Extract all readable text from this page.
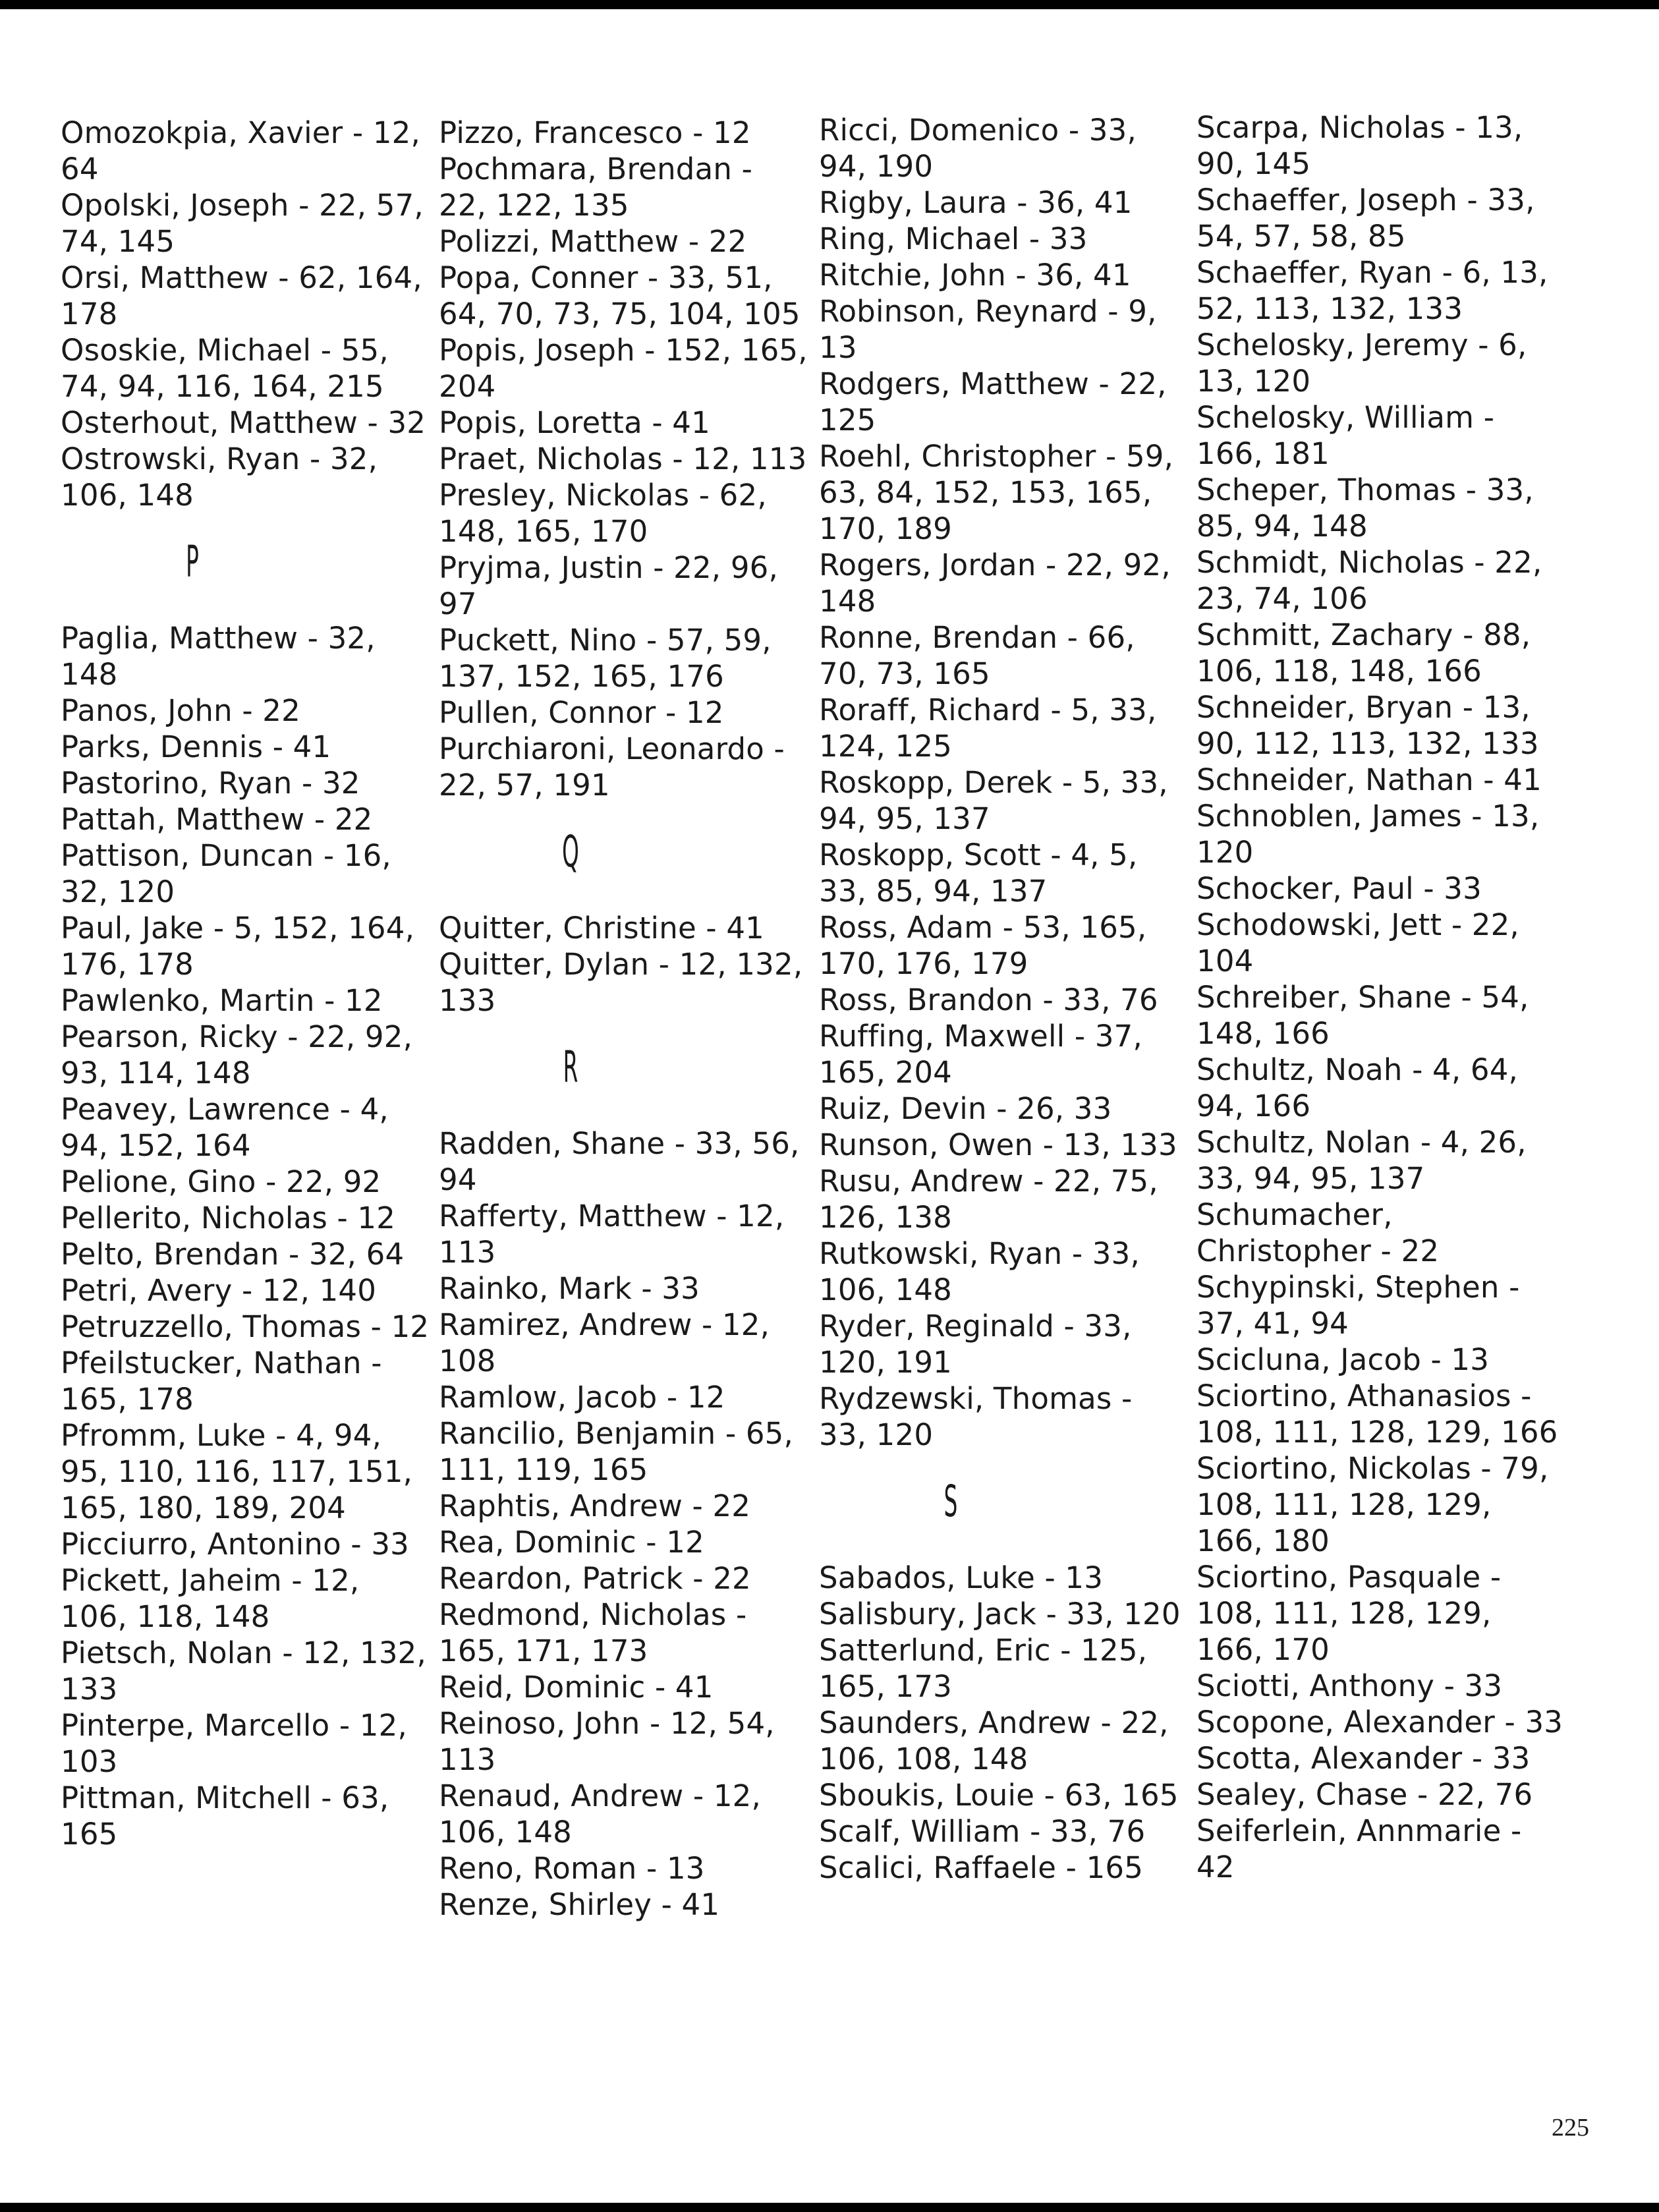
Omozokpia, Xavier - 12, 64
Opolski, Joseph - 22, 57, 74, 145
Orsi, Matthew - 62, 164, 178
Ososkie, Michael - 55, 74, 94, 116, 164, 215
Osterhout, Matthew - 32
Ostrowski, Ryan - 32, 106, 148
P
Paglia, Matthew - 32, 148
Panos, John - 22
Parks, Dennis - 41
Pastorino, Ryan - 32
Pattah, Matthew - 22
Pattison, Duncan - 16, 32, 120
Paul, Jake - 5, 152, 164, 176, 178
Pawlenko, Martin - 12
Pearson, Ricky - 22, 92, 93, 114, 148
Peavey, Lawrence - 4, 94, 152, 164
Pelione, Gino - 22, 92
Pellerito, Nicholas - 12
Pelto, Brendan - 32, 64
Petri, Avery - 12, 140
Petruzzello, Thomas - 12
Pfeilstucker, Nathan - 165, 178
Pfromm, Luke - 4, 94, 95, 110, 116, 117, 151, 165, 180, 189, 204
Picciurro, Antonino - 33
Pickett, Jaheim - 12, 106, 118, 148
Pietsch, Nolan - 12, 132, 133
Pinterpe, Marcello - 12, 103
Pittman, Mitchell - 63, 165
Pizzo, Francesco - 12
Pochmara, Brendan - 22, 122, 135
Polizzi, Matthew - 22
Popa, Conner - 33, 51, 64, 70, 73, 75, 104, 105
Popis, Joseph - 152, 165, 204
Popis, Loretta - 41
Praet, Nicholas - 12, 113
Presley, Nickolas - 62, 148, 165, 170
Pryjma, Justin - 22, 96, 97
Puckett, Nino - 57, 59, 137, 152, 165, 176
Pullen, Connor - 12
Purchiaroni, Leonardo - 22, 57, 191
Q
Quitter, Christine - 41
Quitter, Dylan - 12, 132, 133
R
Radden, Shane - 33, 56, 94
Rafferty, Matthew - 12, 113
Rainko, Mark - 33
Ramirez, Andrew - 12, 108
Ramlow, Jacob - 12
Rancilio, Benjamin - 65, 111, 119, 165
Raphtis, Andrew - 22
Rea, Dominic - 12
Reardon, Patrick - 22
Redmond, Nicholas - 165, 171, 173
Reid, Dominic - 41
Reinoso, John - 12, 54, 113
Renaud, Andrew - 12, 106, 148
Reno, Roman - 13
Renze, Shirley - 41
Ricci, Domenico - 33, 94, 190
Rigby, Laura - 36, 41
Ring, Michael - 33
Ritchie, John - 36, 41
Robinson, Reynard - 9, 13
Rodgers, Matthew - 22, 125
Roehl, Christopher - 59, 63, 84, 152, 153, 165, 170, 189
Rogers, Jordan - 22, 92, 148
Ronne, Brendan - 66, 70, 73, 165
Roraff, Richard - 5, 33, 124, 125
Roskopp, Derek - 5, 33, 94, 95, 137
Roskopp, Scott - 4, 5, 33, 85, 94, 137
Ross, Adam - 53, 165, 170, 176, 179
Ross, Brandon - 33, 76
Ruffing, Maxwell - 37, 165, 204
Ruiz, Devin - 26, 33
Runson, Owen - 13, 133
Rusu, Andrew - 22, 75, 126, 138
Rutkowski, Ryan - 33, 106, 148
Ryder, Reginald - 33, 120, 191
Rydzewski, Thomas - 33, 120
S
Sabados, Luke - 13
Salisbury, Jack - 33, 120
Satterlund, Eric - 125, 165, 173
Saunders, Andrew - 22, 106, 108, 148
Sboukis, Louie - 63, 165
Scalf, William - 33, 76
Scalici, Raffaele - 165
Scarpa, Nicholas - 13, 90, 145
Schaeffer, Joseph - 33, 54, 57, 58, 85
Schaeffer, Ryan - 6, 13, 52, 113, 132, 133
Schelosky, Jeremy - 6, 13, 120
Schelosky, William - 166, 181
Scheper, Thomas - 33, 85, 94, 148
Schmidt, Nicholas - 22, 23, 74, 106
Schmitt, Zachary - 88, 106, 118, 148, 166
Schneider, Bryan - 13, 90, 112, 113, 132, 133
Schneider, Nathan - 41
Schnoblen, James - 13, 120
Schocker, Paul - 33
Schodowski, Jett - 22, 104
Schreiber, Shane - 54, 148, 166
Schultz, Noah - 4, 64, 94, 166
Schultz, Nolan - 4, 26, 33, 94, 95, 137
Schumacher, Christopher - 22
Schypinski, Stephen - 37, 41, 94
Scicluna, Jacob - 13
Sciortino, Athanasios - 108, 111, 128, 129, 166
Sciortino, Nickolas - 79, 108, 111, 128, 129, 166, 180
Sciortino, Pasquale - 108, 111, 128, 129, 166, 170
Sciotti, Anthony - 33
Scopone, Alexander - 33
Scotta, Alexander - 33
Sealey, Chase - 22, 76
Seiferlein, Annmarie - 42
225
